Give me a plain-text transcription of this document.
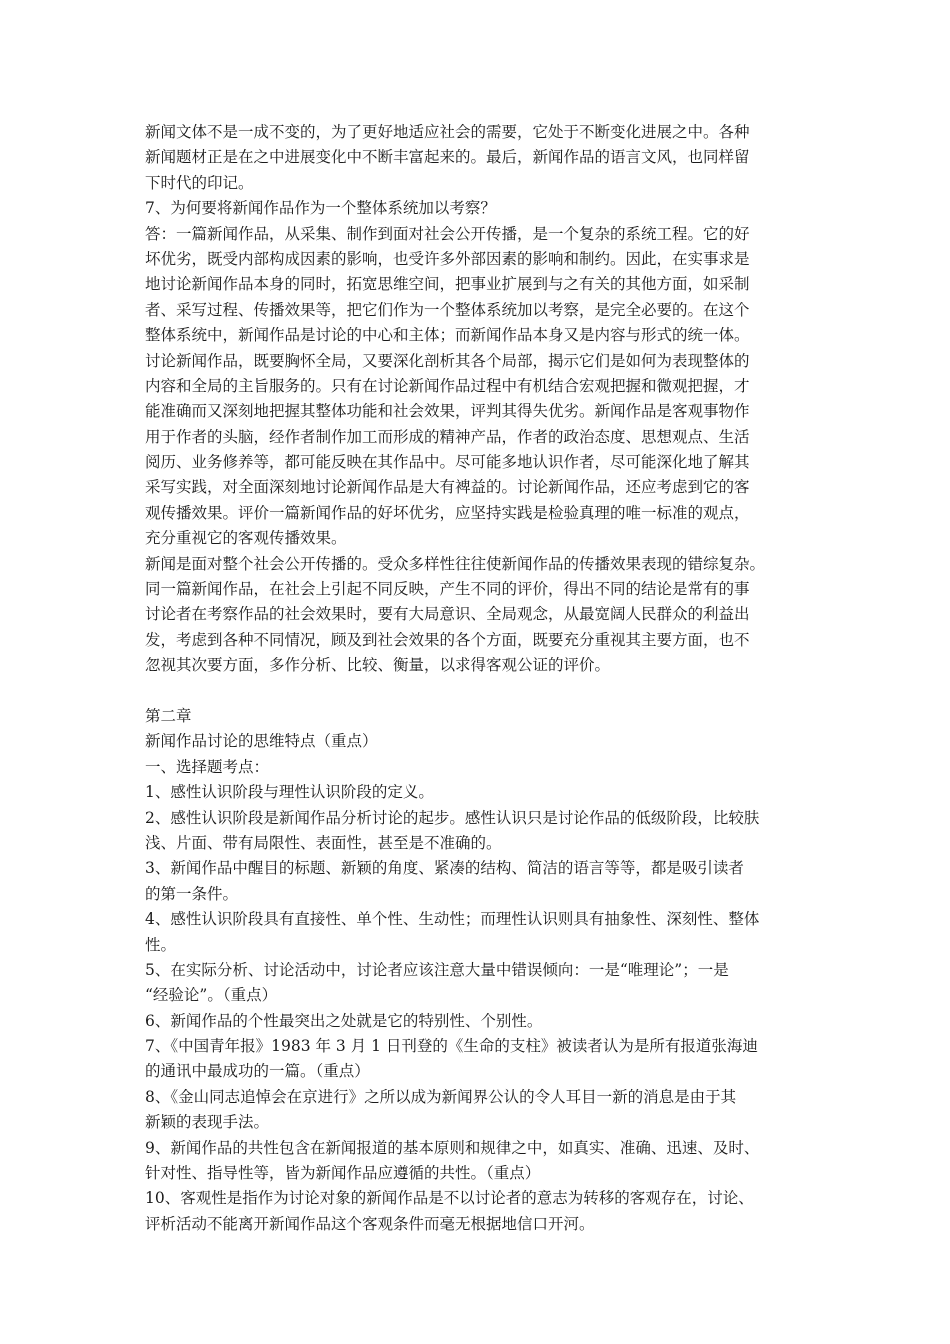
新闻文体不是一成不变的，为了更好地适应社会的需要，它处于不断变化进展之中。各种
新闻题材正是在之中进展变化中不断丰富起来的。最后，新闻作品的语言文风，也同样留
下时代的印记。
7、为何要将新闻作品作为一个整体系统加以考察？
答：一篇新闻作品，从采集、制作到面对社会公开传播，是一个复杂的系统工程。它的好
坏优劣，既受内部构成因素的影响，也受许多外部因素的影响和制约。因此，在实事求是
地讨论新闻作品本身的同时，拓宽思维空间，把事业扩展到与之有关的其他方面，如采制
者、采写过程、传播效果等，把它们作为一个整体系统加以考察，是完全必要的。在这个
整体系统中，新闻作品是讨论的中心和主体；而新闻作品本身又是内容与形式的统一体。
讨论新闻作品，既要胸怀全局，又要深化剖析其各个局部，揭示它们是如何为表现整体的
内容和全局的主旨服务的。只有在讨论新闻作品过程中有机结合宏观把握和微观把握，才
能准确而又深刻地把握其整体功能和社会效果，评判其得失优劣。新闻作品是客观事物作
用于作者的头脑，经作者制作加工而形成的精神产品，作者的政治态度、思想观点、生活
阅历、业务修养等，都可能反映在其作品中。尽可能多地认识作者，尽可能深化地了解其
采写实践，对全面深刻地讨论新闻作品是大有裨益的。讨论新闻作品，还应考虑到它的客
观传播效果。评价一篇新闻作品的好坏优劣，应坚持实践是检验真理的唯一标准的观点，
充分重视它的客观传播效果。
新闻是面对整个社会公开传播的。受众多样性往往使新闻作品的传播效果表现的错综复杂。
同一篇新闻作品，在社会上引起不同反映，产生不同的评价，得出不同的结论是常有的事
讨论者在考察作品的社会效果时，要有大局意识、全局观念，从最宽阔人民群众的利益出
发，考虑到各种不同情况，顾及到社会效果的各个方面，既要充分重视其主要方面，也不
忽视其次要方面，多作分析、比较、衡量，以求得客观公证的评价。
第二章
新闻作品讨论的思维特点（重点）
一、选择题考点：
1、感性认识阶段与理性认识阶段的定义。
2、感性认识阶段是新闻作品分析讨论的起步。感性认识只是讨论作品的低级阶段，比较肤
浅、片面、带有局限性、表面性，甚至是不准确的。
3、新闻作品中醒目的标题、新颖的角度、紧凑的结构、简洁的语言等等，都是吸引读者
的第一条件。
4、感性认识阶段具有直接性、单个性、生动性；而理性认识则具有抽象性、深刻性、整体
性。
5、在实际分析、讨论活动中，讨论者应该注意大量中错误倾向：一是“唯理论”；一是
“经验论”。（重点）
6、新闻作品的个性最突出之处就是它的特别性、个别性。
7、《中国青年报》1983 年 3 月 1 日刊登的《生命的支柱》被读者认为是所有报道张海迪
的通讯中最成功的一篇。（重点）
8、《金山同志追悼会在京进行》之所以成为新闻界公认的令人耳目一新的消息是由于其
新颖的表现手法。
9、新闻作品的共性包含在新闻报道的基本原则和规律之中，如真实、准确、迅速、及时、
针对性、指导性等，皆为新闻作品应遵循的共性。（重点）
10、客观性是指作为讨论对象的新闻作品是不以讨论者的意志为转移的客观存在，讨论、
评析活动不能离开新闻作品这个客观条件而毫无根据地信口开河。
